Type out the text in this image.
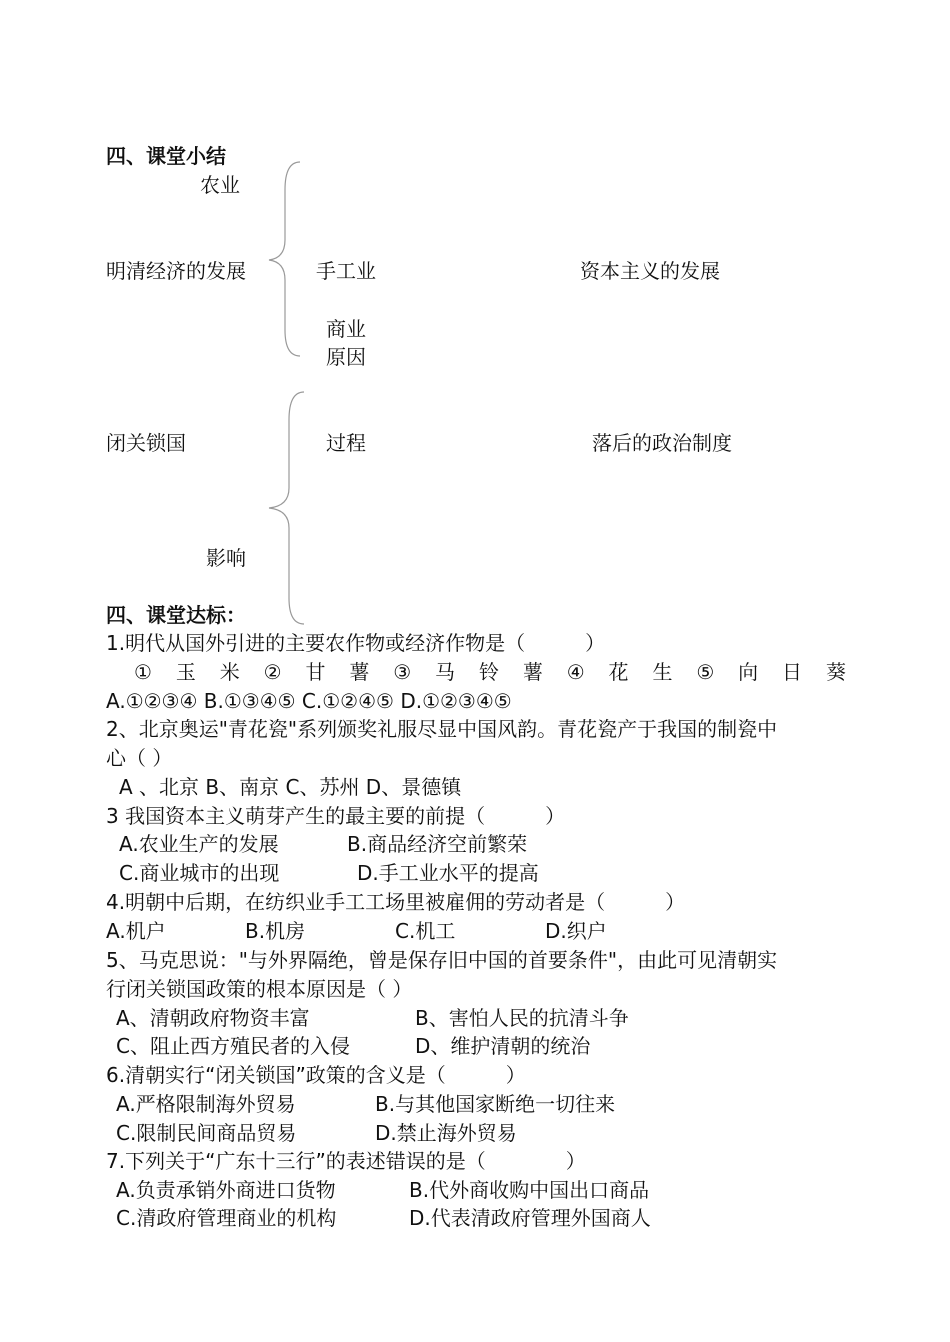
四、课堂小结
农业
明清经济的发展	手工业	资本主义的发展
商业
原因
闭关锁国	过程	落后的政治制度
影响
四、课堂达标：
1.明代从国外引进的主要农作物或经济作物是（　　　）
① 玉 米 ② 甘 薯 ③ 马 铃 薯 ④ 花 生 ⑤ 向 日 葵
A.①②③④ B.①③④⑤ C.①②④⑤ D.①②③④⑤
2、北京奥运"青花瓷"系列颁奖礼服尽显中国风韵。青花瓷产于我国的制瓷中
心（ ）
A 、北京 B、南京 C、苏州 D、景德镇
3 我国资本主义萌芽产生的最主要的前提（　　　）
A.农业生产的发展	B.商品经济空前繁荣
C.商业城市的出现	D.手工业水平的提高
4.明朝中后期，在纺织业手工工场里被雇佣的劳动者是（　　　）
A.机户	B.机房	C.机工	D.织户
5、马克思说："与外界隔绝，曾是保存旧中国的首要条件"，由此可见清朝实
行闭关锁国政策的根本原因是（ ）
A、清朝政府物资丰富	B、害怕人民的抗清斗争
C、阻止西方殖民者的入侵	D、维护清朝的统治
6.清朝实行“闭关锁国”政策的含义是（　　　）
A.严格限制海外贸易	B.与其他国家断绝一切往来
C.限制民间商品贸易	D.禁止海外贸易
7.下列关于“广东十三行”的表述错误的是（　　　　）
A.负责承销外商进口货物	B.代外商收购中国出口商品
C.清政府管理商业的机构	D.代表清政府管理外国商人
